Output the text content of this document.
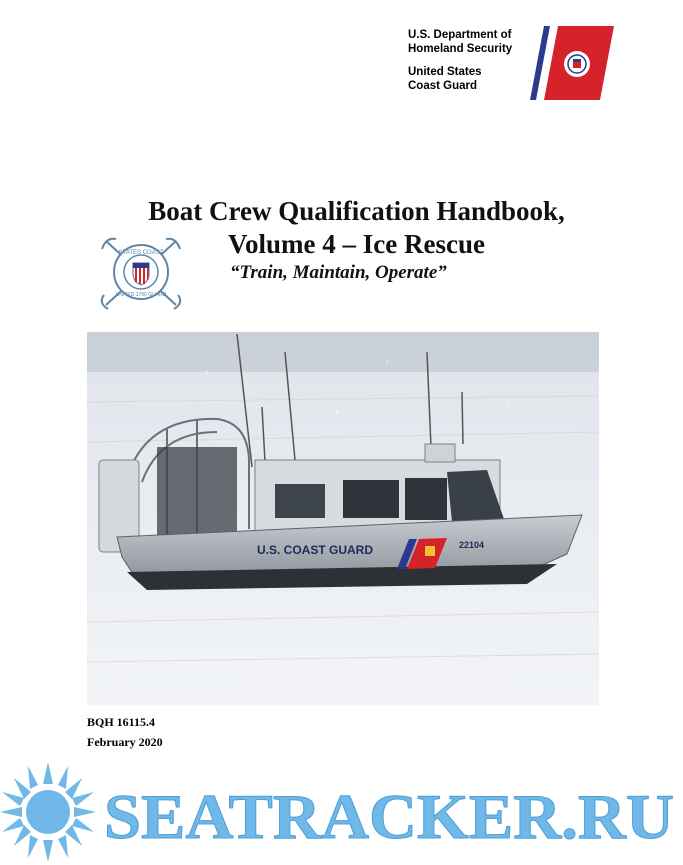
U.S. Department of
Homeland Security
United States
Coast Guard
STATES COAST
UNITED 1790 GUARD
Boat Crew Qualification Handbook,
Volume 4 – Ice Rescue
“Train, Maintain, Operate”
U.S. COAST GUARD	22104
BQH 16115.4
February 2020
SEATRACKER.RU
